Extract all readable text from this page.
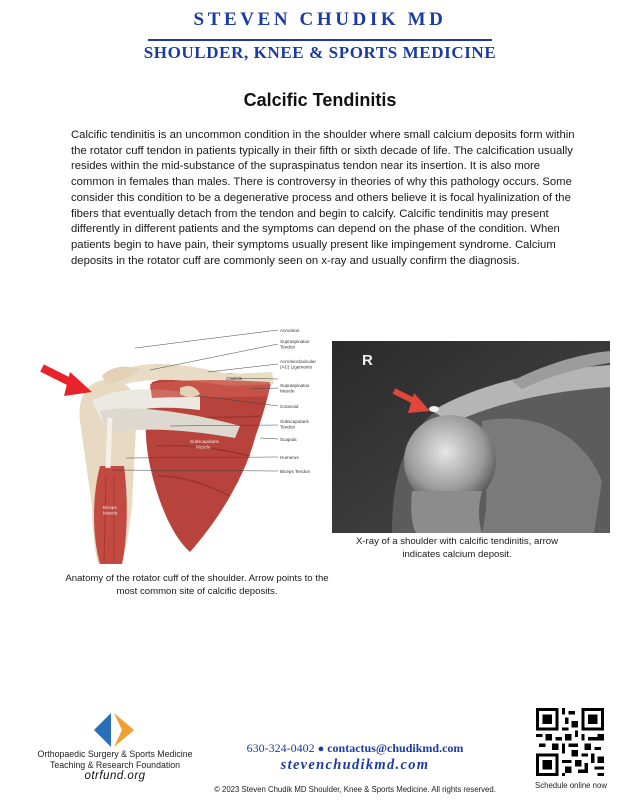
STEVEN CHUDIK MD
SHOULDER, KNEE & SPORTS MEDICINE
Calcific Tendinitis
Calcific tendinitis is an uncommon condition in the shoulder where small calcium deposits form within the rotator cuff tendon in patients typically in their fifth or sixth decade of life. The calcification usually resides within the mid-substance of the supraspinatus tendon near its insertion. It is also more common in females than males. There is controversy in theories of why this pathology occurs. Some consider this condition to be a degenerative process and others believe it is focal hyalinization of the fibers that eventually detach from the tendon and begin to calcify. Calcific tendinitis may present differently in different patients and the symptoms can depend on the phase of the condition. When patients begin to have pain, their symptoms usually present like impingement syndrome. Calcium deposits in the rotator cuff are commonly seen on x-ray and usually confirm the diagnosis.
Acromion
Supraspinatus
Tendon
Acromioclavicular
(AC) Ligaments
Clavicle
Supraspinatus
Muscle
Coracoid
Subscapularis
Tendon
Scapula
Humerus
Biceps Tendon
Subscapularis
Muscle
Biceps
Muscle
R
X-ray of a shoulder with calcific tendinitis, arrow indicates calcium deposit.
Anatomy of the rotator cuff of the shoulder. Arrow points to the most common site of calcific deposits.
Orthopaedic Surgery & Sports Medicine
Teaching & Research Foundation
otrfund.org
630-324-0402 ● contactus@chudikmd.com
stevenchudikmd.com
© 2023 Steven Chudik MD Shoulder, Knee & Sports Medicine. All rights reserved.	Schedule online now
